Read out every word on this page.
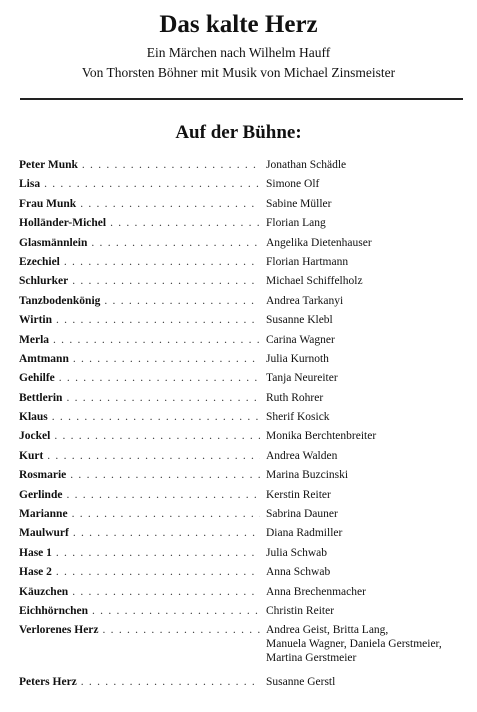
Das kalte Herz
Ein Märchen nach Wilhelm Hauff
Von Thorsten Böhner mit Musik von Michael Zinsmeister
Auf der Bühne:
Peter Munk . . .	Jonathan Schädle
Lisa . . .	Simone Olf
Frau Munk . . .	Sabine Müller
Holländer-Michel . . .	Florian Lang
Glasmännlein . . .	Angelika Dietenhauser
Ezechiel . . .	Florian Hartmann
Schlurker . . .	Michael Schiffelholz
Tanzbodenkönig . . .	Andrea Tarkanyi
Wirtin . . .	Susanne Klebl
Merla . . .	Carina Wagner
Amtmann . . .	Julia Kurnoth
Gehilfe . . .	Tanja Neureiter
Bettlerin . . .	Ruth Rohrer
Klaus . . .	Sherif Kosick
Jockel . . .	Monika Berchtenbreiter
Kurt . . .	Andrea Walden
Rosmarie . . .	Marina Buzcinski
Gerlinde . . .	Kerstin Reiter
Marianne . . .	Sabrina Dauner
Maulwurf . . .	Diana Radmiller
Hase 1 . . .	Julia Schwab
Hase 2 . . .	Anna Schwab
Käuzchen . . .	Anna Brechenmacher
Eichhörnchen . . .	Christin Reiter
Verlorenes Herz . . .	Andrea Geist, Britta Lang,
Manuela Wagner, Daniela Gerstmeier,
Martina Gerstmeier
Peters Herz . . .	Susanne Gerstl
